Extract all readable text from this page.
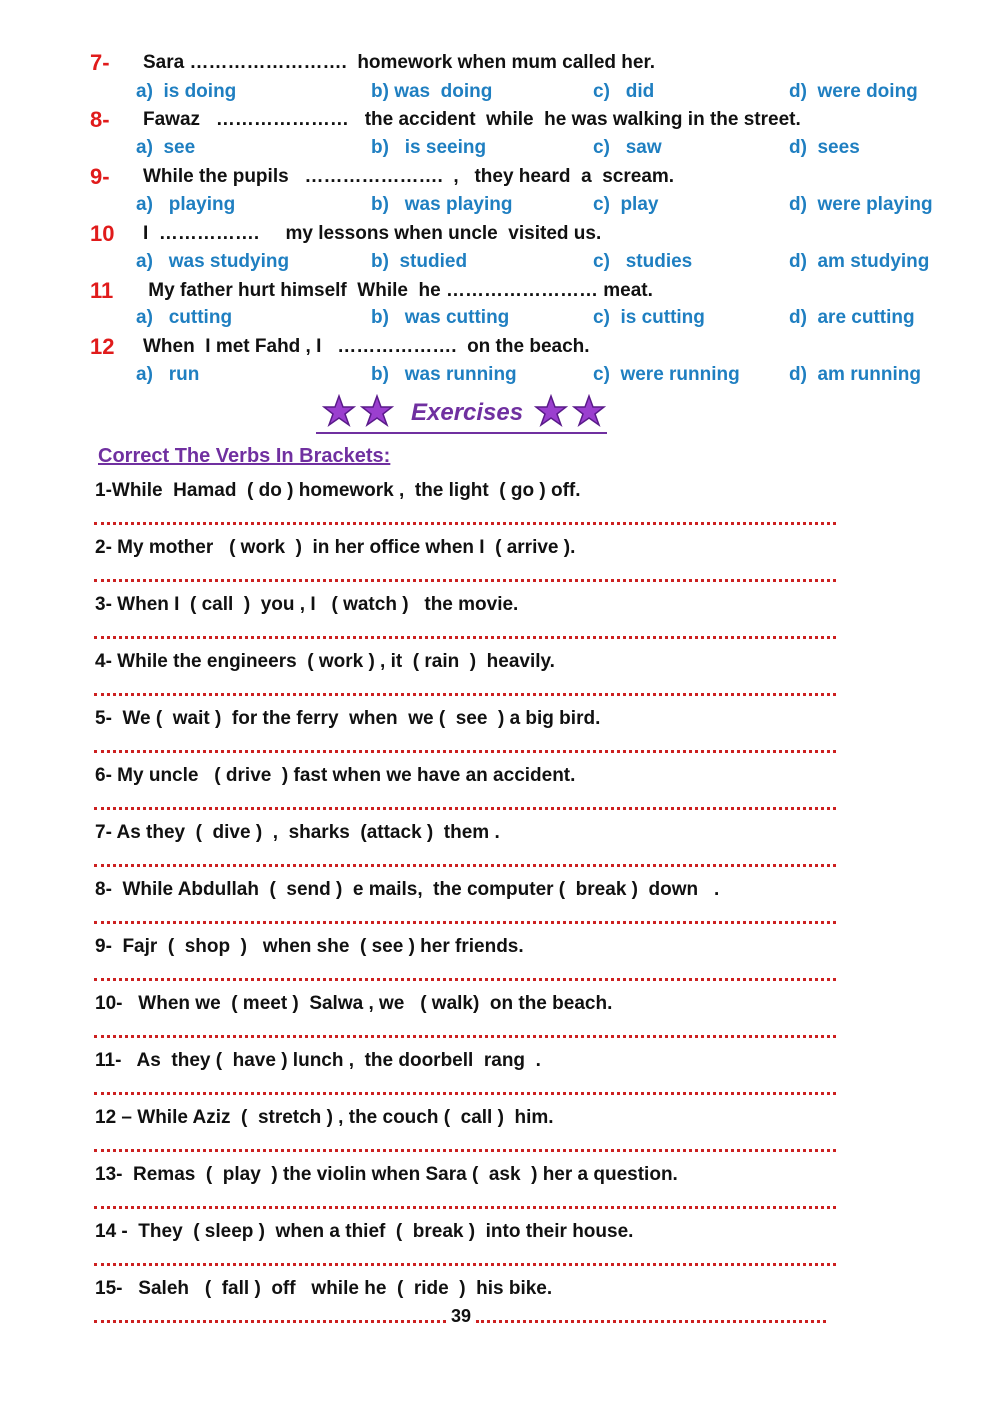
7- Sara …………………….  homework when mum called her.
a)  is doing	b) was  doing	c)   did	d)  were doing
8- Fawaz   …………………   the accident  while  he was walking in the street.
a)  see	b)   is seeing	c)   saw	d)  sees
9- While the pupils   ………………….  ,   they heard  a  scream.
a)   playing	b)   was playing	c)  play	d)  were playing
10 I  …………….     my lessons when uncle  visited us.
a)   was studying	b)  studied	c)   studies	d)  am studying
11 My father hurt himself  While  he …………………… meat.
a)   cutting	b)   was cutting	c)  is cutting	d)  are cutting
12 When  I met Fahd , I   ……………….  on the beach.
a)   run	b)   was running	c)  were running	d)  am running
Exercises
Correct The Verbs In Brackets:
1-While  Hamad  ( do ) homework ,  the light  ( go ) off.
2- My mother   ( work  )  in her office when I  ( arrive ).
3- When I  ( call  )  you , I   ( watch )   the movie.
4- While the engineers  ( work ) , it  ( rain  )  heavily.
5-  We (  wait )  for the ferry  when  we (  see  ) a big bird.
6- My uncle   ( drive  ) fast when we have an accident.
7- As they  (  dive )  ,  sharks  (attack )  them .
8-  While Abdullah  (  send )  e mails,  the computer (  break )  down   .
9-  Fajr  (  shop  )   when she  ( see ) her friends.
10-   When we  ( meet )  Salwa , we   ( walk)  on the beach.
11-   As  they (  have ) lunch ,  the doorbell  rang  .
12 – While Aziz  (  stretch ) , the couch (  call )  him.
13-  Remas  (  play  ) the violin when Sara (  ask  ) her a question.
14 -  They  ( sleep )  when a thief  (  break )  into their house.
15-   Saleh   (  fall )  off   while he  (  ride  )  his bike.
39
